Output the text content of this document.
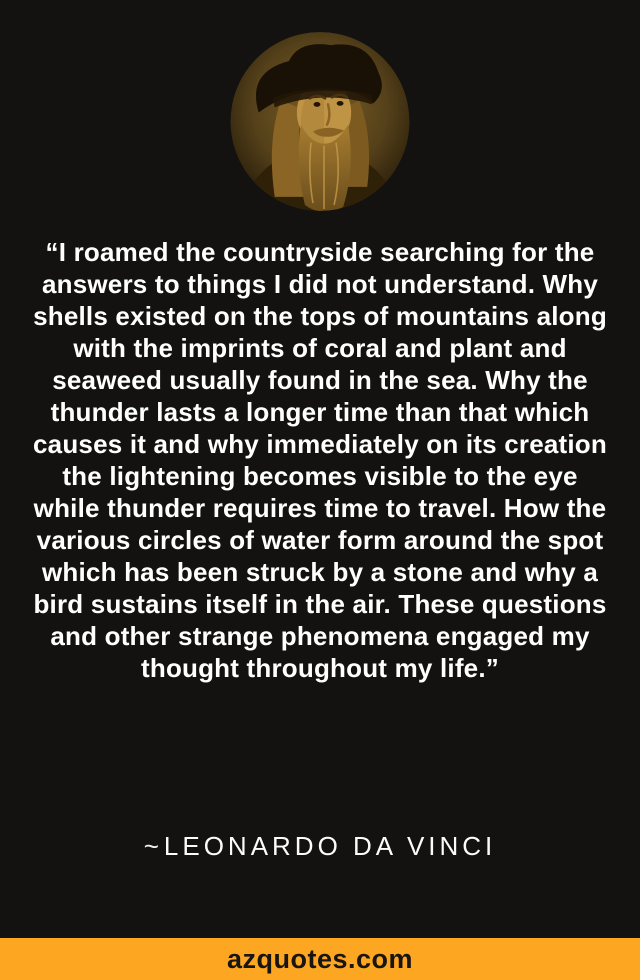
“I roamed the countryside searching for the answers to things I did not understand. Why shells existed on the tops of mountains along with the imprints of coral and plant and seaweed usually found in the sea. Why the thunder lasts a longer time than that which causes it and why immediately on its creation the lightening becomes visible to the eye while thunder requires time to travel. How the various circles of water form around the spot which has been struck by a stone and why a bird sustains itself in the air. These questions and other strange phenomena engaged my thought throughout my life.”

~ LEONARDO DA VINCI
azquotes.com
